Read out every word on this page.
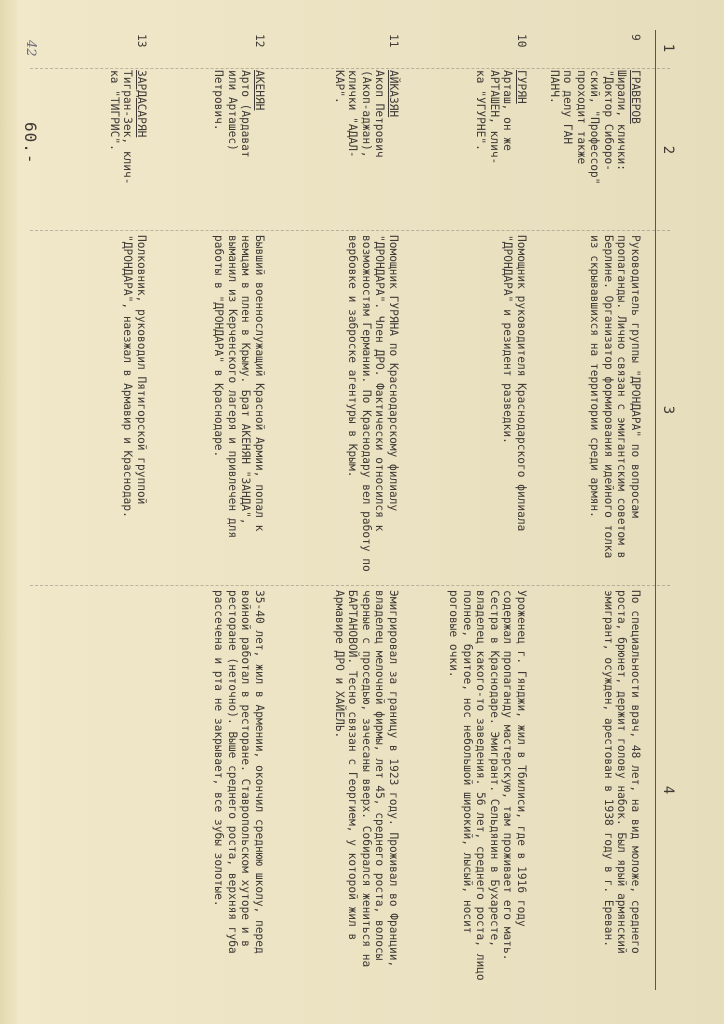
42
60.-
1
2
3
4
9
ГРАВЕРОВ
Ширали, клички:
"Доктор Сиборо-
ский, "Профессор"
проходит также
по делу ГАН
ПАНЧ.
Руководитель группы "ДРОНДАРА" по вопросам пропаганды. Лично связан с эмигантским советом в Берлине. Организатор формирования идейного толка из скрывавшихся на территории среди армян.
По специальности врач, 48 лет, на вид моложе, среднего роста, брюнет, держит голову набок. Был ярый армянский эмигрант, осужден, арестован в 1938 году в г. Ереван.
10
ГУРЯН
Арташ, он же
АРТАШЕН, клич-
ка "УГУРНЕ".
Помощник руководителя Краснодарского филиала "ДРОНДАРА" и резидент разведки.
Уроженец г. Гянджи, жил в Тбилиси, где в 1916 году содержал пропаганду мастерскую, там проживает его мать. Сестра в Краснодаре. Эмигрант. Сельдянин в Бухаресте, владелец какого-то заведения. 56 лет, среднего роста, лицо полное, бритое, нос небольшой широкий, лысый, носит роговые очки.
11
АЙКАЗЯН
Акоп Петрович
(Акоп-аджан),
клички "АДАЛ-
КАР".
Помощник ГУРЯНА по Краснодарскому филиалу "ДРОНДАРА". Член ДРО. Фактически относился к возможностям Германии. По Краснодару вел работу по вербовке и заброске агентуры в Крым.
Эмигрировал за границу в 1923 году. Проживал во Франции, владелец мелочной фирмы, лет 45, среднего роста, волосы черные с проседью, зачесаны вверх. Собирался жениться на БАРТАНОВОЙ. Тесно связан с Георгием, у которой жил в Армавире ДРО и ХАЙЕЛЬ.
12
АКЕНЯН
Арто (Ардават
или Арташес)
Петрович.
Бывший военнослужащий Красной Армии, попал к немцам в плен в Крыму. Брат АКЕНЯН "ЗАНДА", выманил из Керченского лагеря и привлечен для работы в "ДРОНДАРА" в Краснодаре.
35-40 лет, жил в Армении, окончил среднюю школу, перед войной работал в ресторане. Ставропольском хуторе и в ресторане (неточно). Выше среднего роста, верхняя губа рассечена и рта не закрывает, все зубы золотые.
13
ЗАРДАСАРЯН
Тигран-Зек, клич-
ка "ТИГРИС".
Полковник, руководил Пятигорской группой "ДРОНДАРА", наезжал в Армавир и Краснодар.
